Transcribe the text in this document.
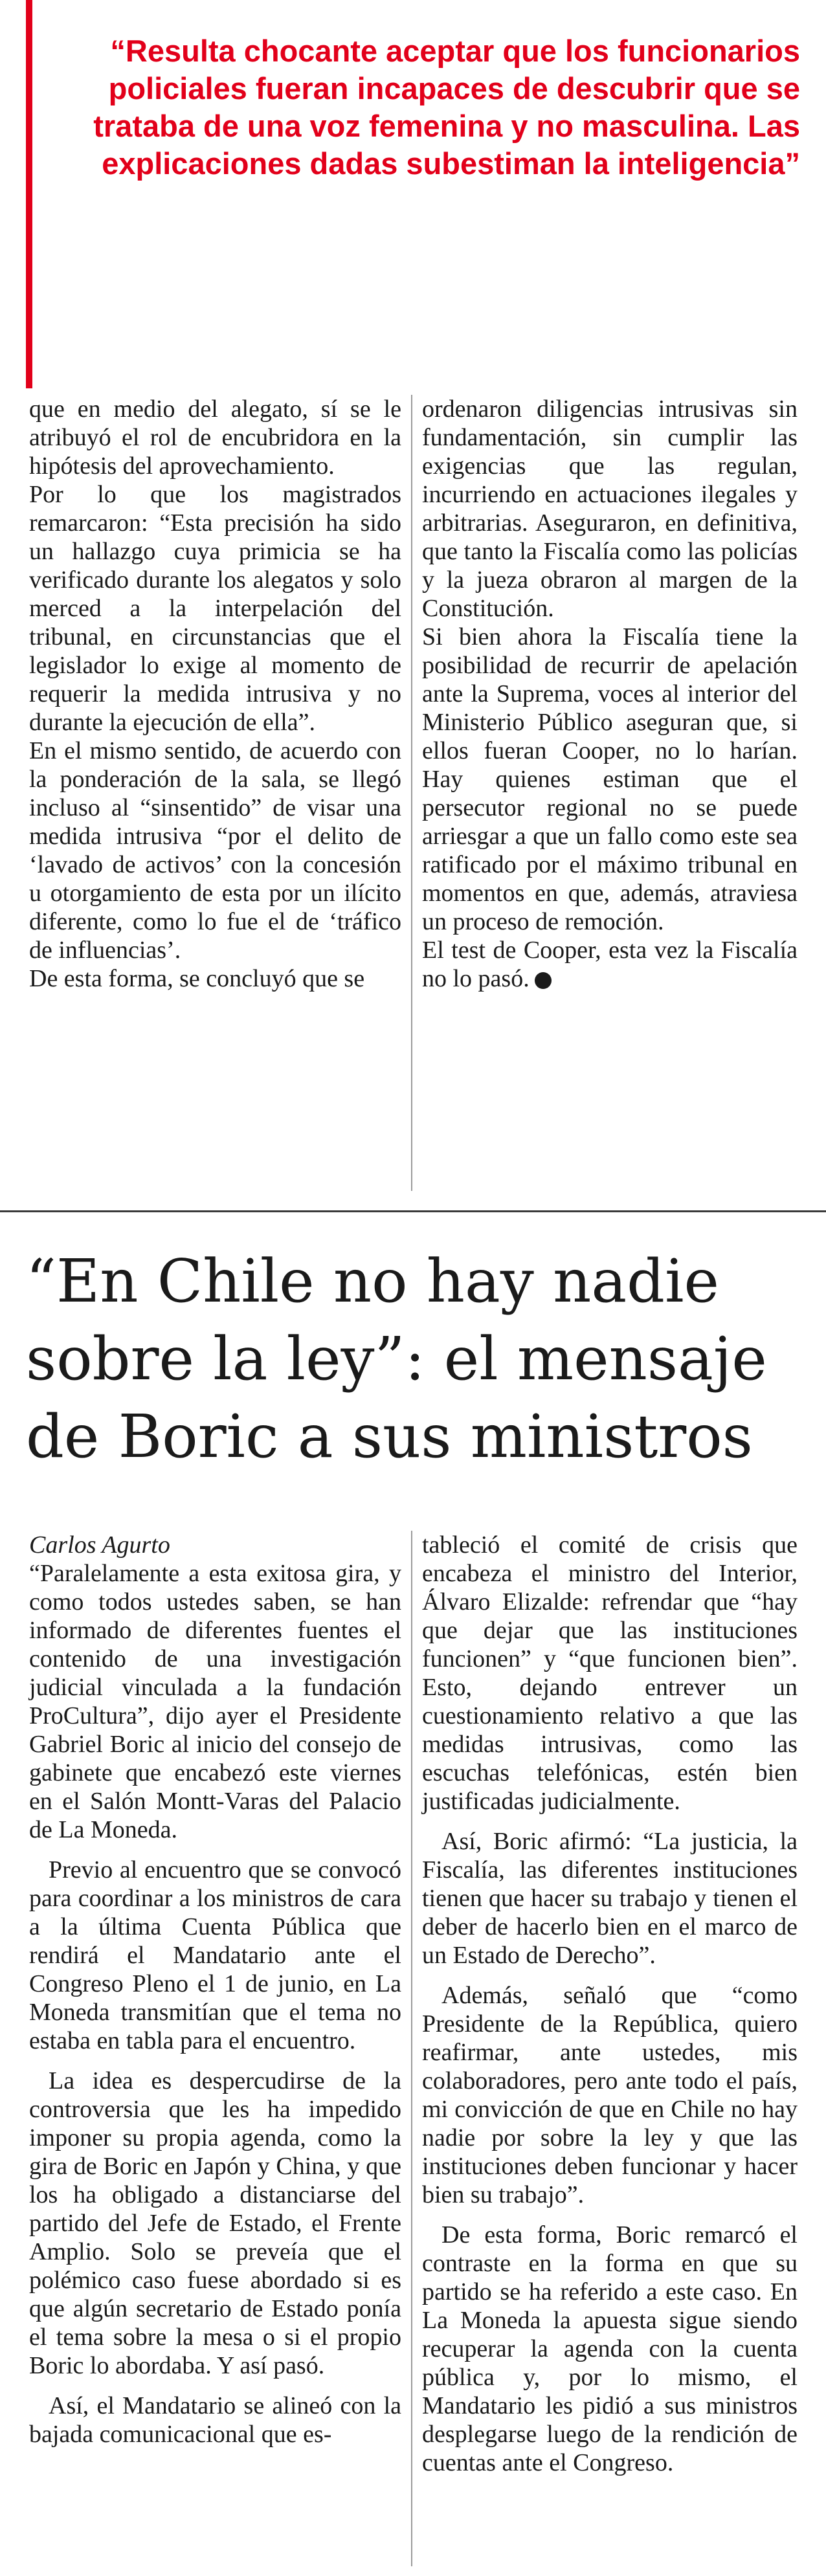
“Resulta chocante aceptar que los funcionarios policiales fueran incapaces de descubrir que se trataba de una voz femenina y no masculina. Las explicaciones dadas subestiman la inteligencia”

que en medio del alegato, sí se le atribuyó el rol de encubridora en la hipótesis del aprovechamiento.

Por lo que los magistrados remarcaron: “Esta precisión ha sido un hallazgo cuya primicia se ha verificado durante los alegatos y solo merced a la interpelación del tribunal, en circunstancias que el legislador lo exige al momento de requerir la medida intrusiva y no durante la ejecución de ella”.

En el mismo sentido, de acuerdo con la ponderación de la sala, se llegó incluso al “sinsentido” de visar una medida intrusiva “por el delito de ‘lavado de activos’ con la concesión u otorgamiento de esta por un ilícito diferente, como lo fue el de ‘tráfico de influencias’.

De esta forma, se concluyó que se

ordenaron diligencias intrusivas sin fundamentación, sin cumplir las exigencias que las regulan, incurriendo en actuaciones ilegales y arbitrarias. Aseguraron, en definitiva, que tanto la Fiscalía como las policías y la jueza obraron al margen de la Constitución.

Si bien ahora la Fiscalía tiene la posibilidad de recurrir de apelación ante la Suprema, voces al interior del Ministerio Público aseguran que, si ellos fueran Cooper, no lo harían. Hay quienes estiman que el persecutor regional no se puede arriesgar a que un fallo como este sea ratificado por el máximo tribunal en momentos en que, además, atraviesa un proceso de remoción.

El test de Cooper, esta vez la Fiscalía no lo pasó.

“En Chile no hay nadie sobre la ley”: el mensaje de Boric a sus ministros

Carlos Agurto

“Paralelamente a esta exitosa gira, y como todos ustedes saben, se han informado de diferentes fuentes el contenido de una investigación judicial vinculada a la fundación ProCultura”, dijo ayer el Presidente Gabriel Boric al inicio del consejo de gabinete que encabezó este viernes en el Salón Montt-Varas del Palacio de La Moneda.

Previo al encuentro que se convocó para coordinar a los ministros de cara a la última Cuenta Pública que rendirá el Mandatario ante el Congreso Pleno el 1 de junio, en La Moneda transmitían que el tema no estaba en tabla para el encuentro.

La idea es despercudirse de la controversia que les ha impedido imponer su propia agenda, como la gira de Boric en Japón y China, y que los ha obligado a distanciarse del partido del Jefe de Estado, el Frente Amplio. Solo se preveía que el polémico caso fuese abordado si es que algún secretario de Estado ponía el tema sobre la mesa o si el propio Boric lo abordaba. Y así pasó.

Así, el Mandatario se alineó con la bajada comunicacional que es-

tableció el comité de crisis que encabeza el ministro del Interior, Álvaro Elizalde: refrendar que “hay que dejar que las instituciones funcionen” y “que funcionen bien”. Esto, dejando entrever un cuestionamiento relativo a que las medidas intrusivas, como las escuchas telefónicas, estén bien justificadas judicialmente.

Así, Boric afirmó: “La justicia, la Fiscalía, las diferentes instituciones tienen que hacer su trabajo y tienen el deber de hacerlo bien en el marco de un Estado de Derecho”.

Además, señaló que “como Presidente de la República, quiero reafirmar, ante ustedes, mis colaboradores, pero ante todo el país, mi convicción de que en Chile no hay nadie por sobre la ley y que las instituciones deben funcionar y hacer bien su trabajo”.

De esta forma, Boric remarcó el contraste en la forma en que su partido se ha referido a este caso. En La Moneda la apuesta sigue siendo recuperar la agenda con la cuenta pública y, por lo mismo, el Mandatario les pidió a sus ministros desplegarse luego de la rendición de cuentas ante el Congreso.
